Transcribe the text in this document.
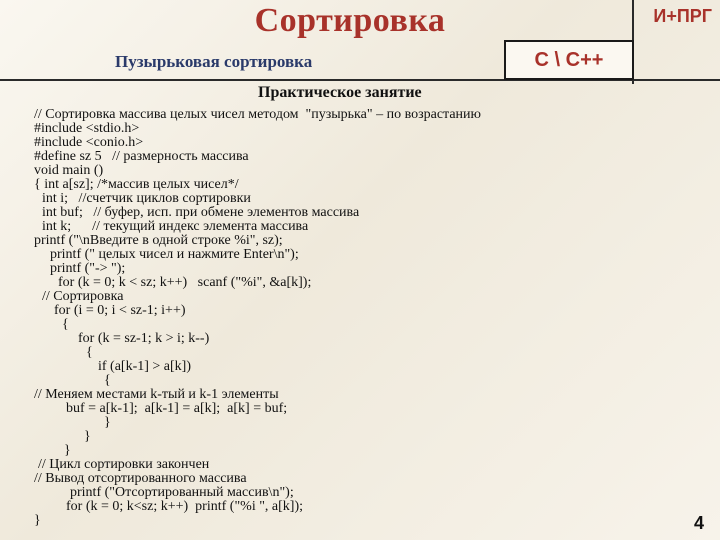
Сортировка	И+ПРГ
Пузырьковая сортировка	C \ C++
Практическое занятие
// Сортировка массива целых чисел методом  "пузырька" – по возрастанию
#include <stdio.h>
#include <conio.h>
#define sz 5   // размерность массива
void main ()
{ int a[sz]; /*массив целых чисел*/
int i;   //счетчик циклов сортировки
int buf;   // буфер, исп. при обмене элементов массива
int k;      // текущий индекс элемента массива
printf ("\nВведите в одной строке %i", sz);
printf (" целых чисел и нажмите Enter\n");
printf ("-> ");
for (k = 0; k < sz; k++)   scanf ("%i", &a[k]);
// Сортировка
for (i = 0; i < sz-1; i++)
{
for (k = sz-1; k > i; k--)
{
if (a[k-1] > a[k])
{
// Меняем местами k-тый и k-1 элементы
buf = a[k-1];  a[k-1] = a[k];  a[k] = buf;
}
}
}
// Цикл сортировки закончен
// Вывод отсортированного массива
printf ("Отсортированный массив\n");
for (k = 0; k<sz; k++)  printf ("%i ", a[k]);
}	4
